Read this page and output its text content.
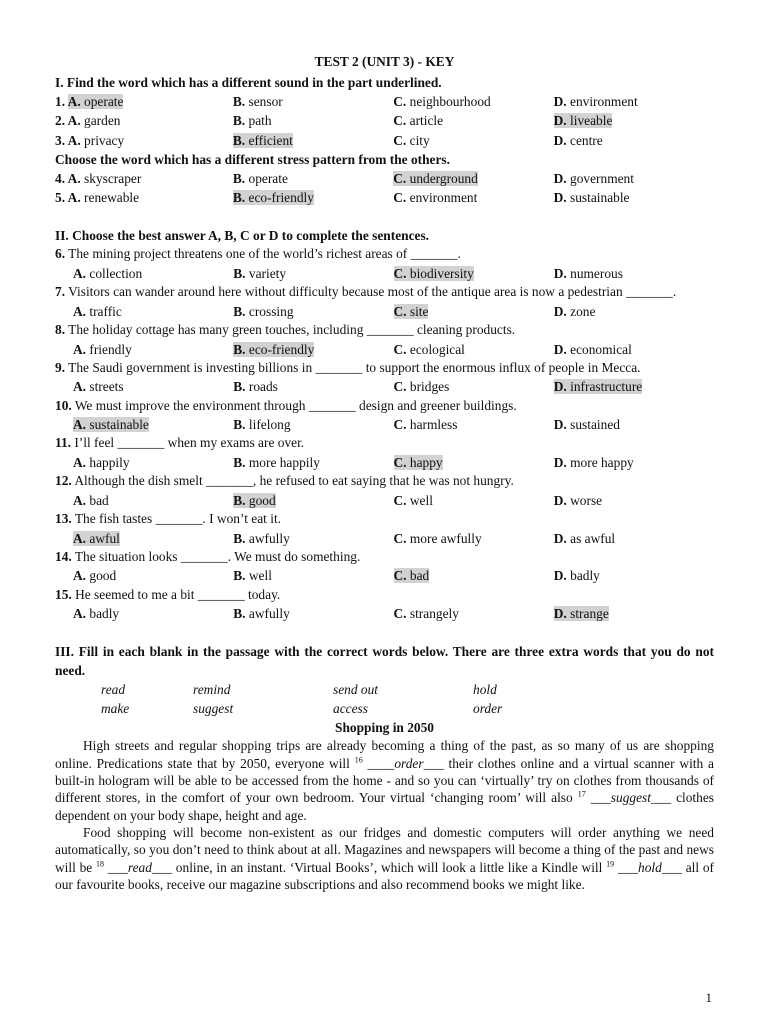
TEST 2 (UNIT 3) - KEY
I. Find the word which has a different sound in the part underlined.
1. A. operate	B. sensor	C. neighbourhood	D. environment
2. A. garden	B. path	C. article	D. liveable
3. A. privacy	B. efficient	C. city	D. centre
Choose the word which has a different stress pattern from the others.
4. A. skyscraper	B. operate	C. underground	D. government
5. A. renewable	B. eco-friendly	C. environment	D. sustainable
II. Choose the best answer A, B, C or D to complete the sentences.
6. The mining project threatens one of the world’s richest areas of _______.
A. collection	B. variety	C. biodiversity	D. numerous
7. Visitors can wander around here without difficulty because most of the antique area is now a pedestrian _______.
A. traffic	B. crossing	C. site	D. zone
8. The holiday cottage has many green touches, including _______ cleaning products.
A. friendly	B. eco-friendly	C. ecological	D. economical
9. The Saudi government is investing billions in _______ to support the enormous influx of people in Mecca.
A. streets	B. roads	C. bridges	D. infrastructure
10. We must improve the environment through _______ design and greener buildings.
A. sustainable	B. lifelong	C. harmless	D. sustained
11. I’ll feel _______ when my exams are over.
A. happily	B. more happily	C. happy	D. more happy
12. Although the dish smelt _______, he refused to eat saying that he was not hungry.
A. bad	B. good	C. well	D. worse
13. The fish tastes _______. I won’t eat it.
A. awful	B. awfully	C. more awfully	D. as awful
14. The situation looks _______. We must do something.
A. good	B. well	C. bad	D. badly
15. He seemed to me a bit _______ today.
A. badly	B. awfully	C. strangely	D. strange
III. Fill in each blank in the passage with the correct words below. There are three extra words that you do not need.
read	remind	send out	hold
make	suggest	access	order
Shopping in 2050

High streets and regular shopping trips are already becoming a thing of the past, as so many of us are shopping online. Predications state that by 2050, everyone will $^{16}$ ____order___ their clothes online and a virtual scanner with a built-in hologram will be able to be accessed from the home - and so you can ‘virtually’ try on clothes from thousands of different stores, in the comfort of your own bedroom. Your virtual ‘changing room’ will also $^{17}$ ___suggest___ clothes dependent on your body shape, height and age.

Food shopping will become non-existent as our fridges and domestic computers will order anything we need automatically, so you don’t need to think about at all. Magazines and newspapers will become a thing of the past and news will be $^{18}$ ___read___ online, in an instant. ‘Virtual Books’, which will look a little like a Kindle will $^{19}$ ___hold___ all of our favourite books, receive our magazine subscriptions and also recommend books we might like.

1
